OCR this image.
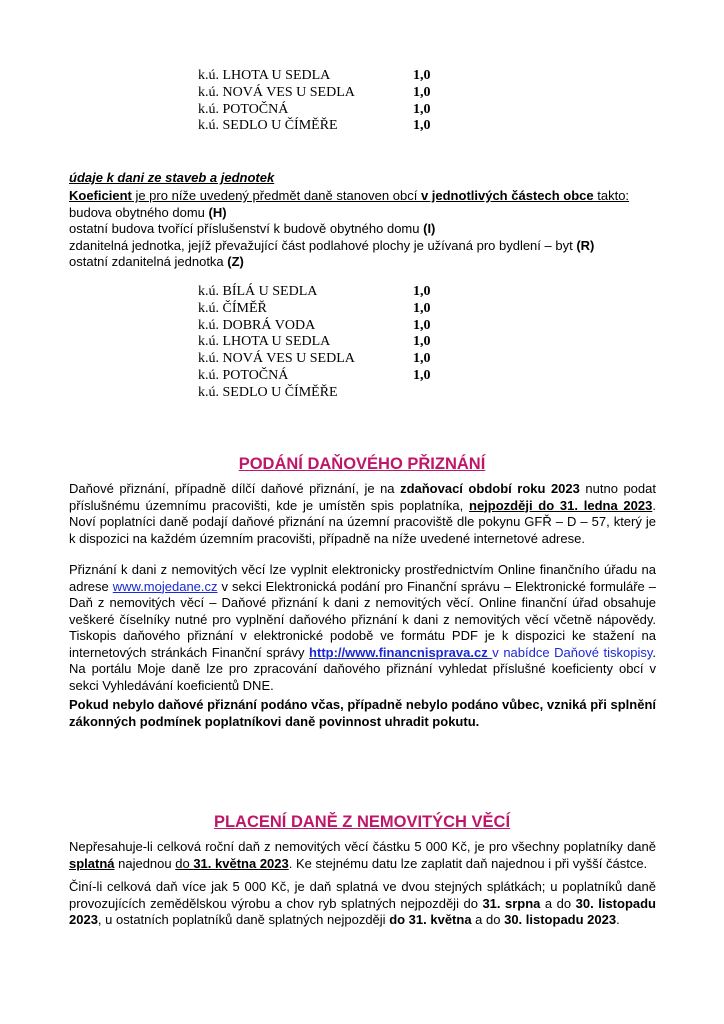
k.ú. LHOTA U SEDLA	1,0
k.ú. NOVÁ VES U SEDLA	1,0
k.ú. POTOČNÁ	1,0
k.ú. SEDLO U ČÍMĚŘE	1,0
údaje k dani ze staveb a jednotek

Koeficient je pro níže uvedený předmět daně stanoven obcí v jednotlivých částech obce takto:

budova obytného domu (H)

ostatní budova tvořící příslušenství k budově obytného domu (I)

zdanitelná jednotka, jejíž převažující část podlahové plochy je užívaná pro bydlení – byt (R)

ostatní zdanitelná jednotka (Z)

k.ú. BÍLÁ U SEDLA	1,0
k.ú. ČÍMĚŘ	1,0
k.ú. DOBRÁ VODA	1,0
k.ú. LHOTA U SEDLA	1,0
k.ú. NOVÁ VES U SEDLA	1,0
k.ú. POTOČNÁ	1,0
k.ú. SEDLO U ČÍMĚŘE
PODÁNÍ DAŇOVÉHO PŘIZNÁNÍ

Daňové přiznání, případně dílčí daňové přiznání, je na zdaňovací období roku 2023 nutno podat příslušnému územnímu pracovišti, kde je umístěn spis poplatníka, nejpozději do 31. ledna 2023. Noví poplatníci daně podají daňové přiznání na územní pracoviště dle pokynu GFŘ – D – 57, který je k dispozici na každém územním pracovišti, případně na níže uvedené internetové adrese.

Přiznání k dani z nemovitých věcí lze vyplnit elektronicky prostřednictvím Online finančního úřadu na adrese www.mojedane.cz v sekci Elektronická podání pro Finanční správu – Elektronické formuláře – Daň z nemovitých věcí – Daňové přiznání k dani z nemovitých věcí. Online finanční úřad obsahuje veškeré číselníky nutné pro vyplnění daňového přiznání k dani z nemovitých věcí včetně nápovědy. Tiskopis daňového přiznání v elektronické podobě ve formátu PDF je k dispozici ke stažení na internetových stránkách Finanční správy http://www.financnisprava.cz v nabídce Daňové tiskopisy. Na portálu Moje daně lze pro zpracování daňového přiznání vyhledat příslušné koeficienty obcí v sekci Vyhledávání koeficientů DNE.

Pokud nebylo daňové přiznání podáno včas, případně nebylo podáno vůbec, vzniká při splnění zákonných podmínek poplatníkovi daně povinnost uhradit pokutu.
PLACENÍ DANĚ Z NEMOVITÝCH VĚCÍ

Nepřesahuje-li celková roční daň z nemovitých věcí částku 5 000 Kč, je pro všechny poplatníky daně splatná najednou do 31. května 2023. Ke stejnému datu lze zaplatit daň najednou i při vyšší částce.

Činí-li celková daň více jak 5 000 Kč, je daň splatná ve dvou stejných splátkách; u poplatníků daně provozujících zemědělskou výrobu a chov ryb splatných nejpozději do 31. srpna a do 30. listopadu 2023, u ostatních poplatníků daně splatných nejpozději do 31. května a do 30. listopadu 2023.
